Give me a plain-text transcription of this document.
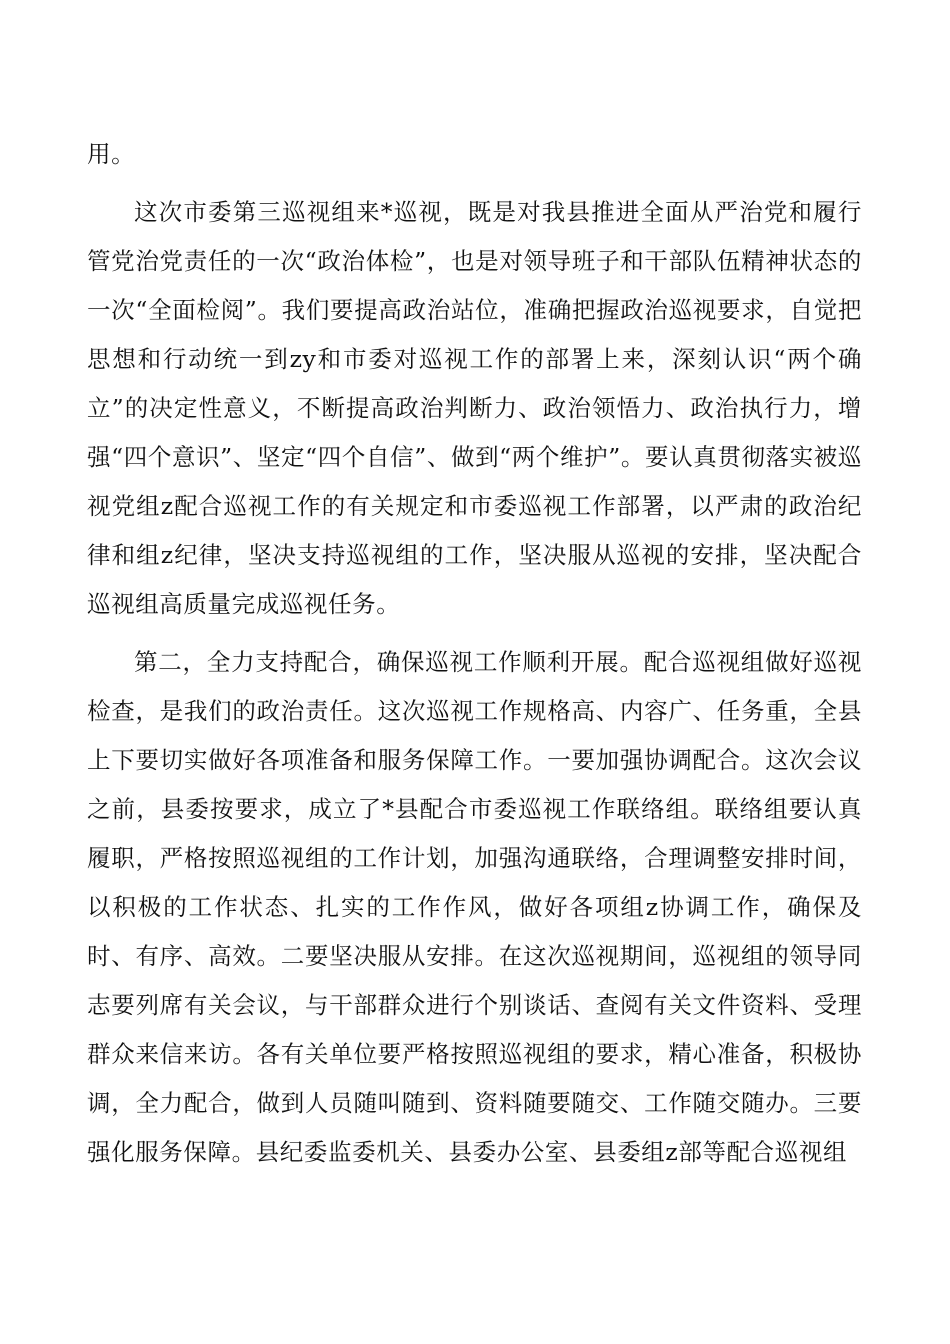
用。

这次市委第三巡视组来*巡视，既是对我县推进全面从严治党和履行管党治党责任的一次“政治体检”，也是对领导班子和干部队伍精神状态的一次“全面检阅”。我们要提高政治站位，准确把握政治巡视要求，自觉把思想和行动统一到zy和市委对巡视工作的部署上来，深刻认识“两个确立”的决定性意义，不断提高政治判断力、政治领悟力、政治执行力，增强“四个意识”、坚定“四个自信”、做到“两个维护”。要认真贯彻落实被巡视党组z配合巡视工作的有关规定和市委巡视工作部署，以严肃的政治纪律和组z纪律，坚决支持巡视组的工作，坚决服从巡视的安排，坚决配合巡视组高质量完成巡视任务。

第二，全力支持配合，确保巡视工作顺利开展。配合巡视组做好巡视检查，是我们的政治责任。这次巡视工作规格高、内容广、任务重，全县上下要切实做好各项准备和服务保障工作。一要加强协调配合。这次会议之前，县委按要求，成立了*县配合市委巡视工作联络组。联络组要认真履职，严格按照巡视组的工作计划，加强沟通联络，合理调整安排时间，以积极的工作状态、扎实的工作作风，做好各项组z协调工作，确保及时、有序、高效。二要坚决服从安排。在这次巡视期间，巡视组的领导同志要列席有关会议，与干部群众进行个别谈话、查阅有关文件资料、受理群众来信来访。各有关单位要严格按照巡视组的要求，精心准备，积极协调，全力配合，做到人员随叫随到、资料随要随交、工作随交随办。三要强化服务保障。县纪委监委机关、县委办公室、县委组z部等配合巡视组
